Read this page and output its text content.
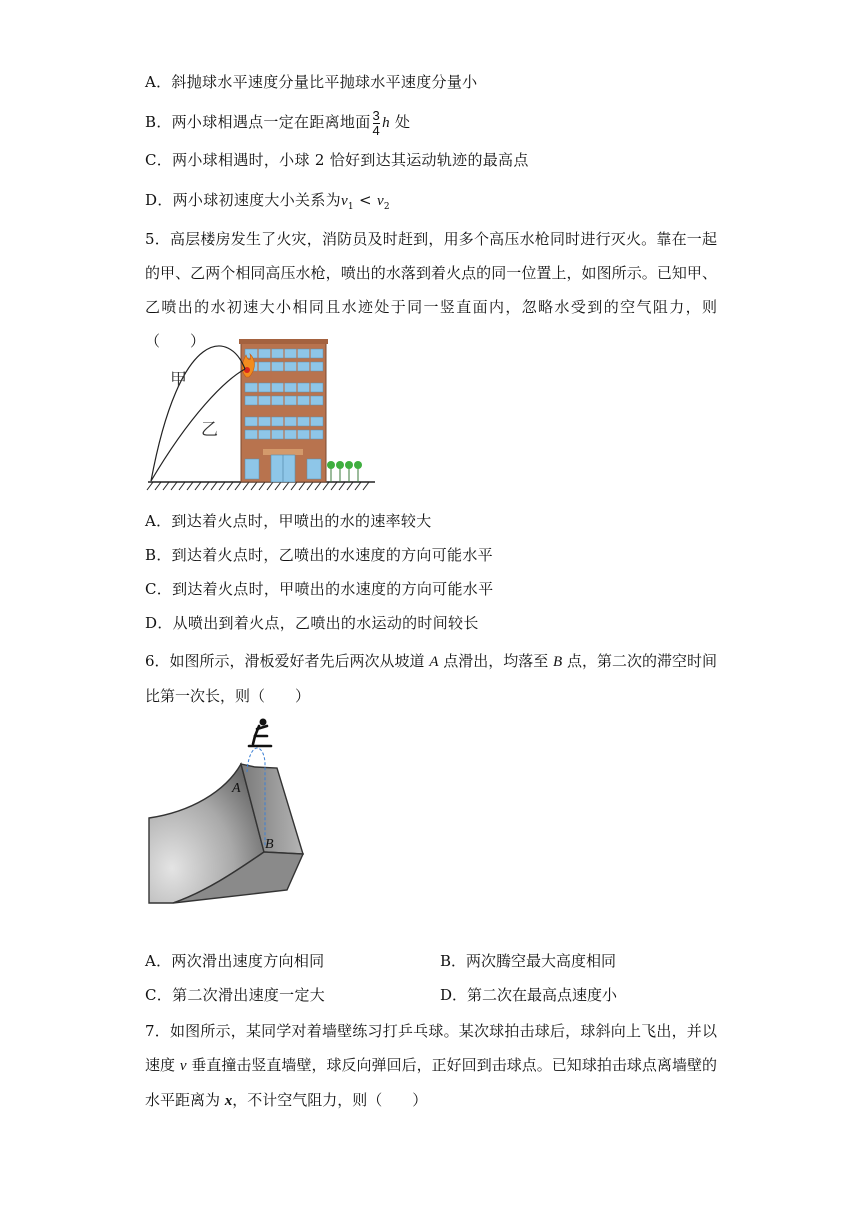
A．斜抛球水平速度分量比平抛球水平速度分量小
B．两小球相遇点一定在距离地面 $\frac{3}{4}$ h 处
C．两小球相遇时，小球 2 恰好到达其运动轨迹的最高点
D．两小球初速度大小关系为$v_1 < v_2$
5．高层楼房发生了火灾，消防员及时赶到，用多个高压水枪同时进行灭火。靠在一起的甲、乙两个相同高压水枪，喷出的水落到着火点的同一位置上，如图所示。已知甲、乙喷出的水初速大小相同且水迹处于同一竖直面内，忽略水受到的空气阻力，则（　　）
甲
乙
A．到达着火点时，甲喷出的水的速率较大
B．到达着火点时，乙喷出的水速度的方向可能水平
C．到达着火点时，甲喷出的水速度的方向可能水平
D．从喷出到着火点，乙喷出的水运动的时间较长
6．如图所示，滑板爱好者先后两次从坡道 A 点滑出，均落至 B 点，第二次的滞空时间比第一次长，则（　　）
A
B
A．两次滑出速度方向相同	B．两次腾空最大高度相同
C．第二次滑出速度一定大	D．第二次在最高点速度小
7．如图所示，某同学对着墙壁练习打乒乓球。某次球拍击球后，球斜向上飞出，并以速度 v 垂直撞击竖直墙壁，球反向弹回后，正好回到击球点。已知球拍击球点离墙壁的水平距离为 x，不计空气阻力，则（　　）
